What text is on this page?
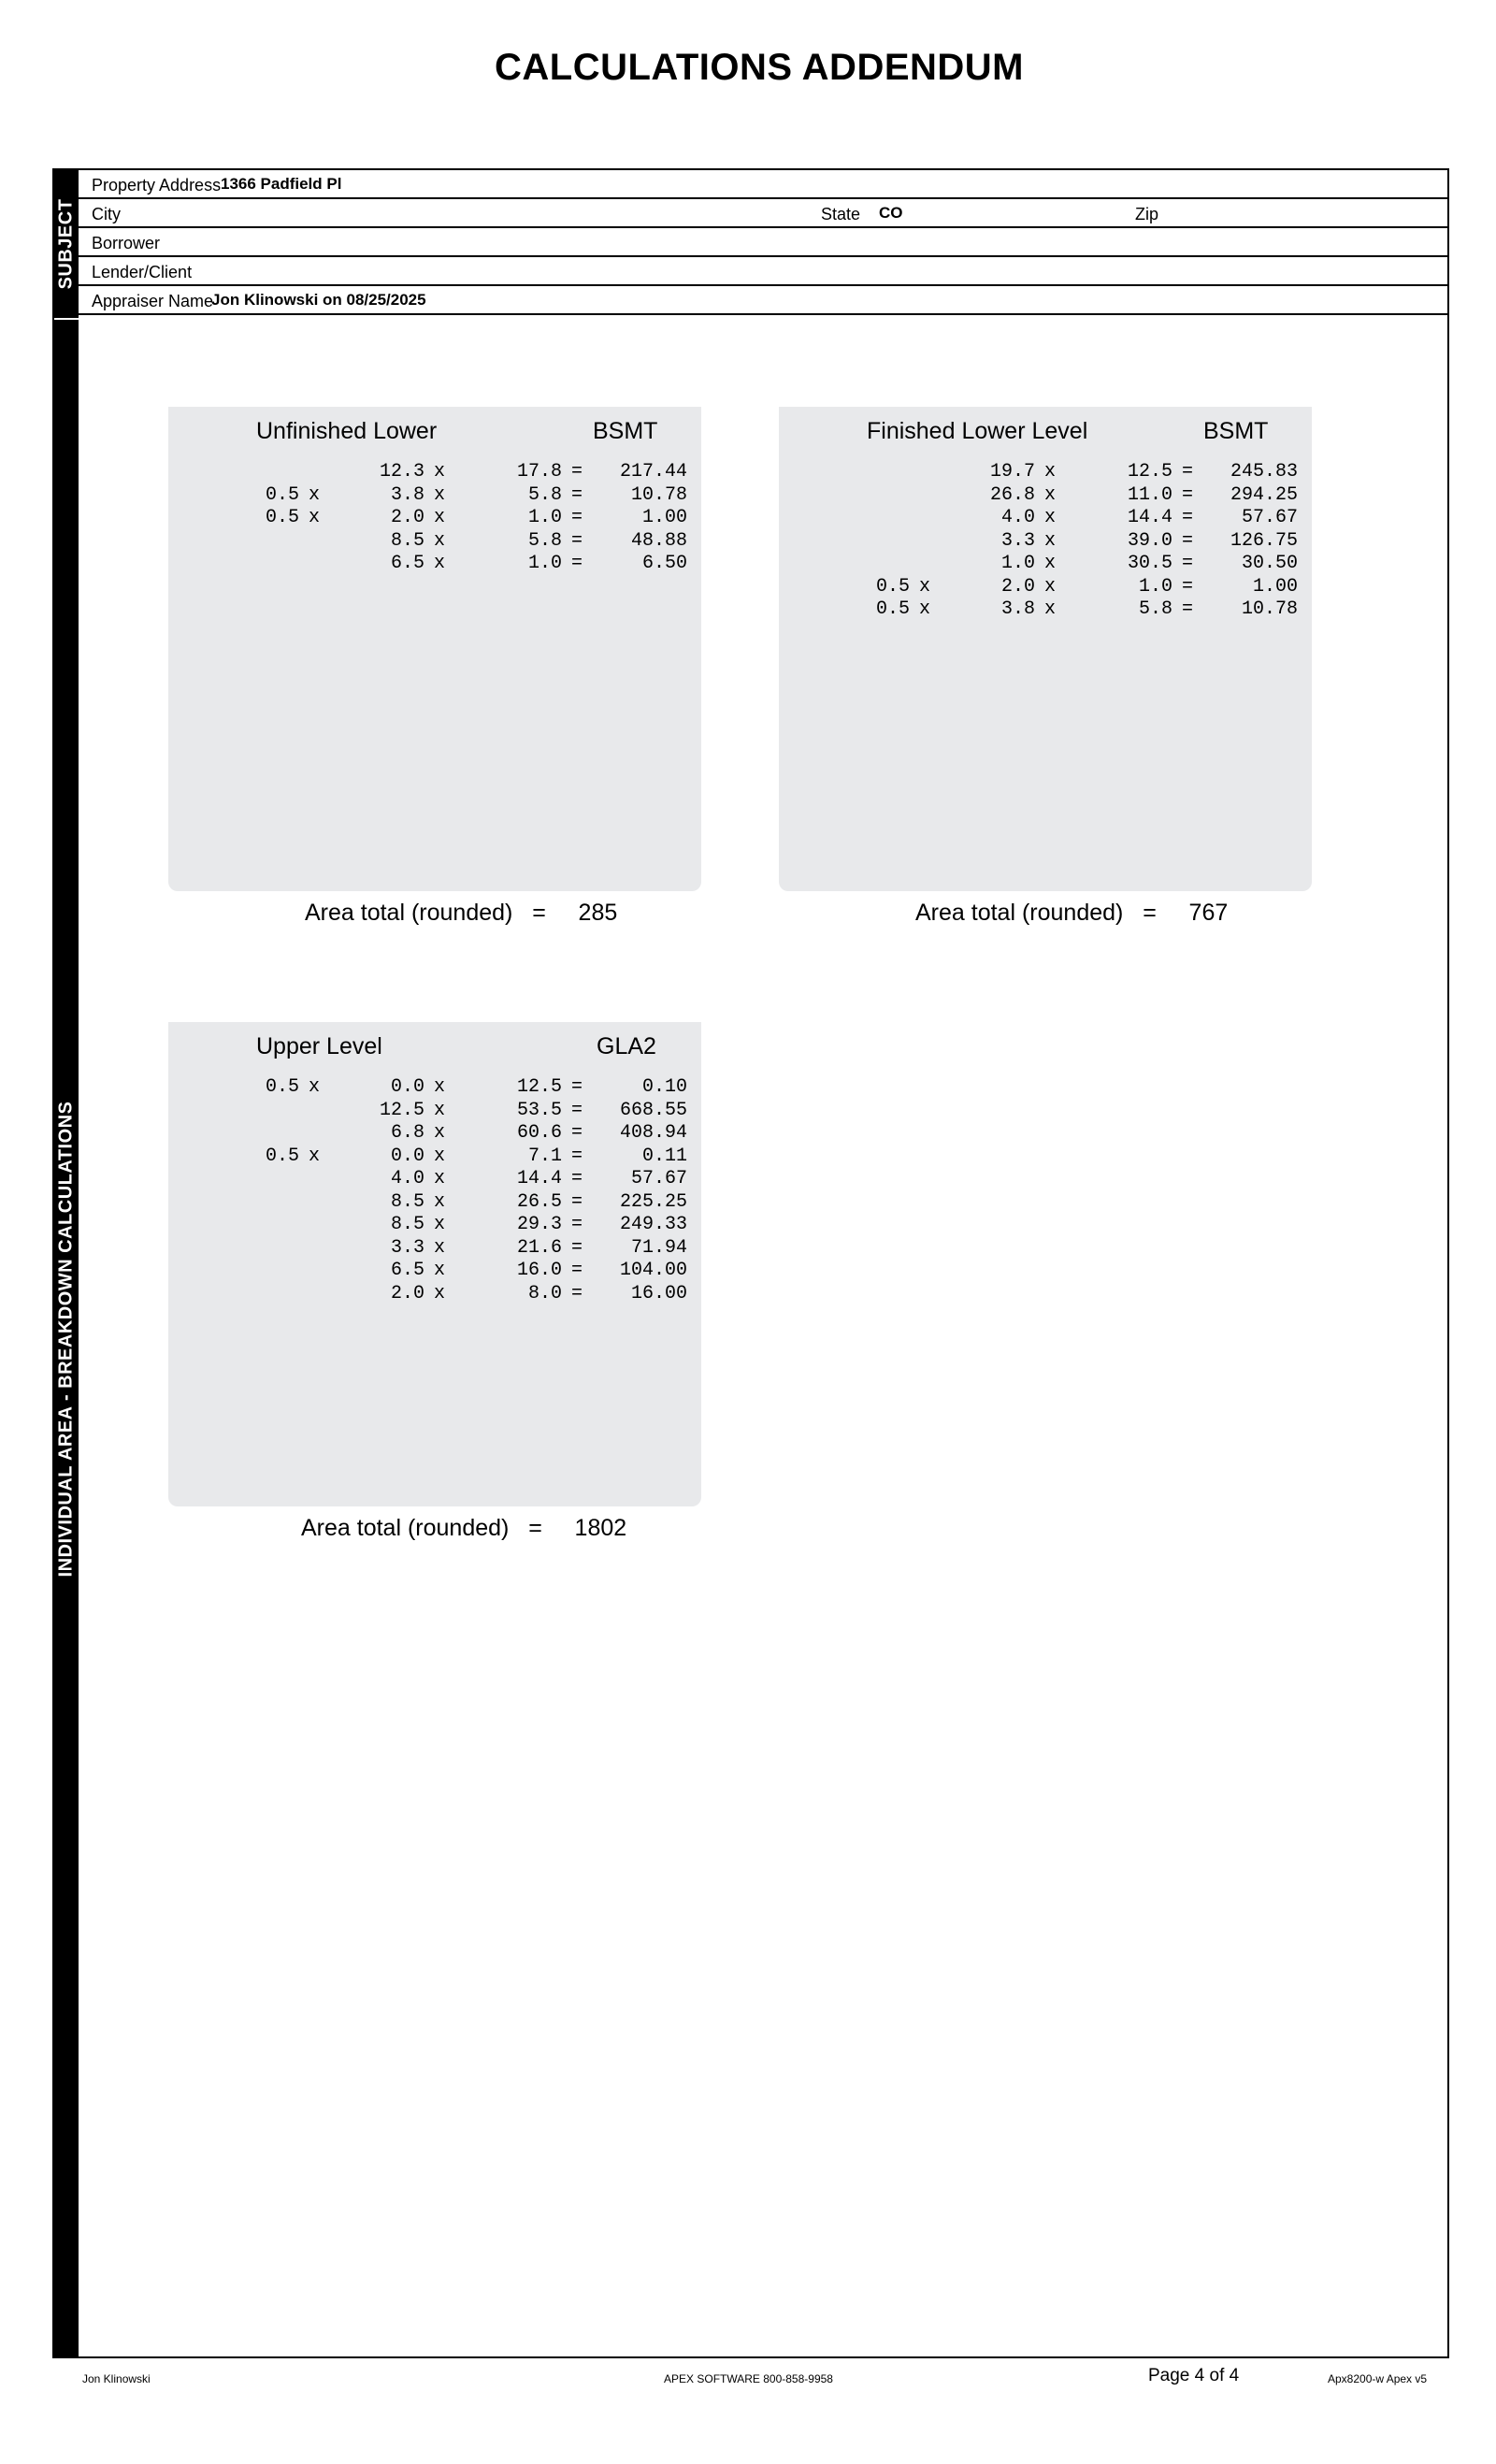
CALCULATIONS ADDENDUM
SUBJECT
INDIVIDUAL AREA - BREAKDOWN CALCULATIONS
Property Address 1366 Padfield Pl
City	State CO	Zip
Borrower
Lender/Client
Appraiser Name
Jon Klinowski on 08/25/2025
Unfinished Lower	BSMT
12.3 x	17.8 =	217.44
0.5 x	3.8 x	5.8 =	10.78
0.5 x	2.0 x	1.0 =	1.00
8.5 x	5.8 =	48.88
6.5 x	1.0 =	6.50
Area total (rounded) = 285
Finished Lower Level	BSMT
19.7 x	12.5 =	245.83
26.8 x	11.0 =	294.25
4.0 x	14.4 =	57.67
3.3 x	39.0 =	126.75
1.0 x	30.5 =	30.50
0.5 x	2.0 x	1.0 =	1.00
0.5 x	3.8 x	5.8 =	10.78
Area total (rounded) = 767
Upper Level	GLA2
0.5 x	0.0 x	12.5 =	0.10
12.5 x	53.5 =	668.55
6.8 x	60.6 =	408.94
0.5 x	0.0 x	7.1 =	0.11
4.0 x	14.4 =	57.67
8.5 x	26.5 =	225.25
8.5 x	29.3 =	249.33
3.3 x	21.6 =	71.94
6.5 x	16.0 =	104.00
2.0 x	8.0 =	16.00
Area total (rounded) = 1802
Jon Klinowski	APEX SOFTWARE 800-858-9958	Page 4 of 4	Apx8200-w Apex v5
